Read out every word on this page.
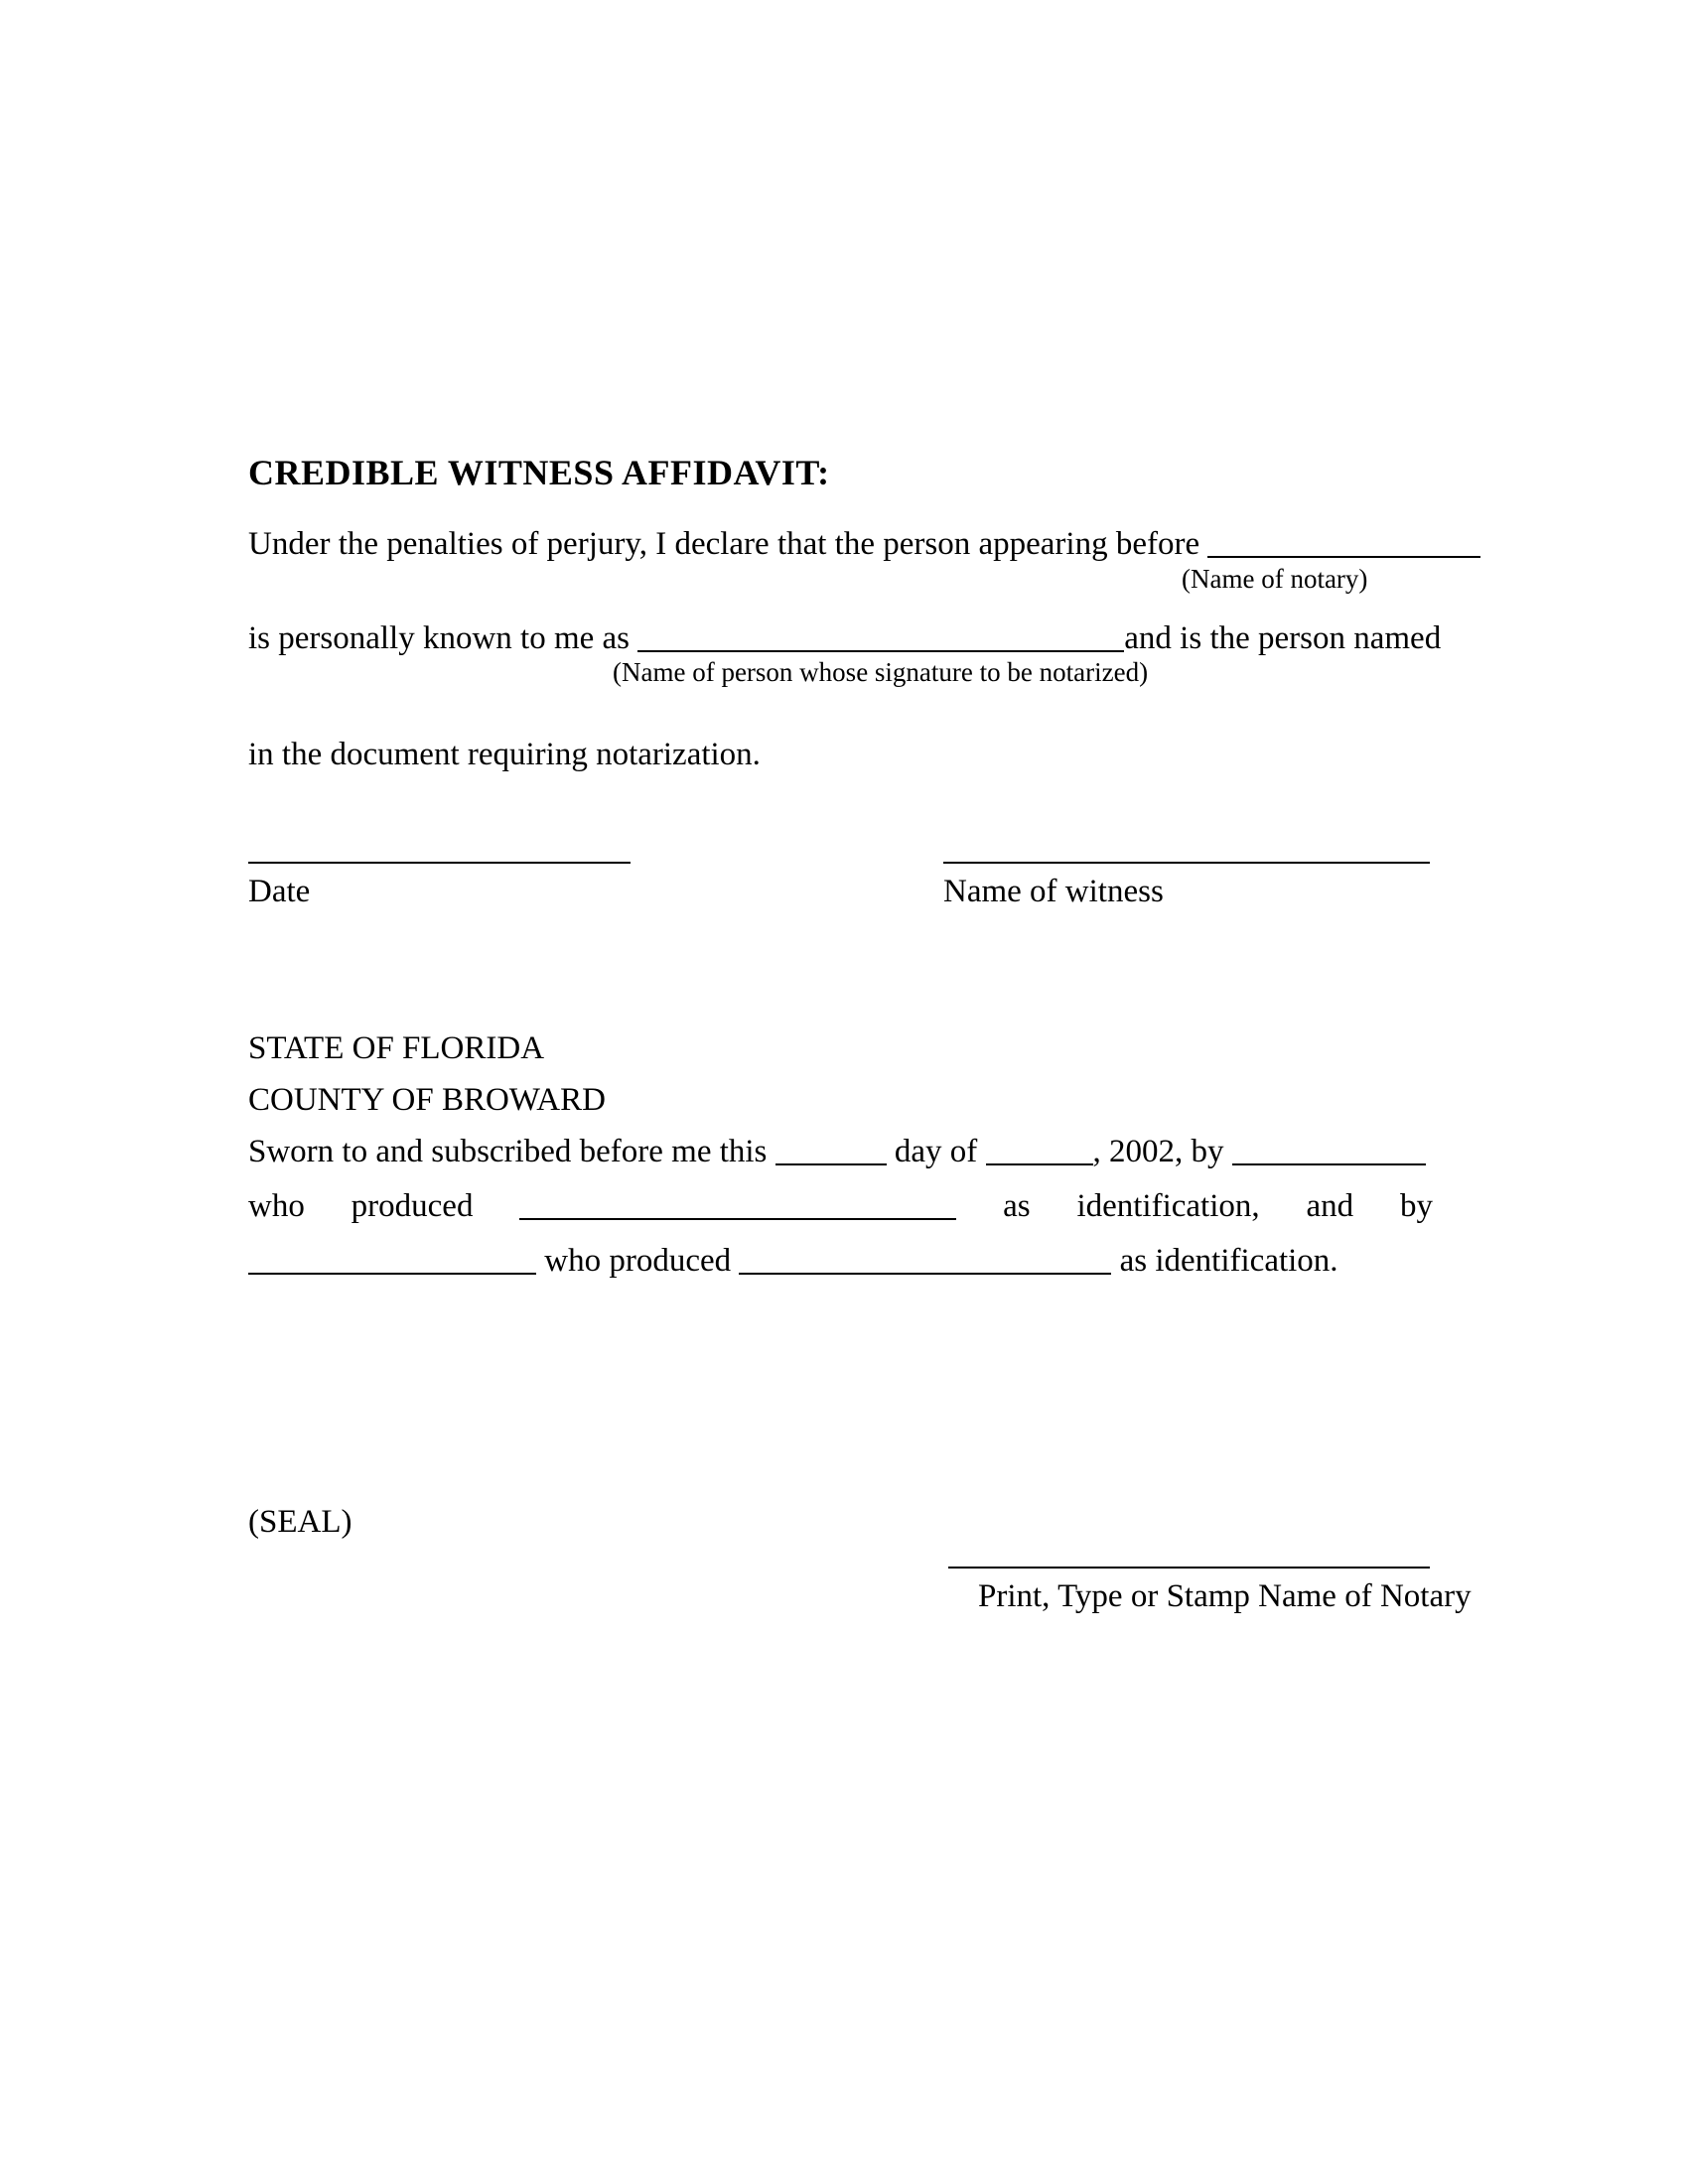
CREDIBLE WITNESS AFFIDAVIT:
Under the penalties of perjury, I declare that the person appearing before
(Name of notary)
is personally known to me as	and is the person named
(Name of person whose signature to be notarized)
in the document requiring notarization.
Date	Name of witness
STATE OF FLORIDA
COUNTY OF BROWARD
Sworn to and subscribed before me this	day of	, 2002, by
who produced	as identification, and by
who produced	as identification.
(SEAL)
Print, Type or Stamp Name of Notary
